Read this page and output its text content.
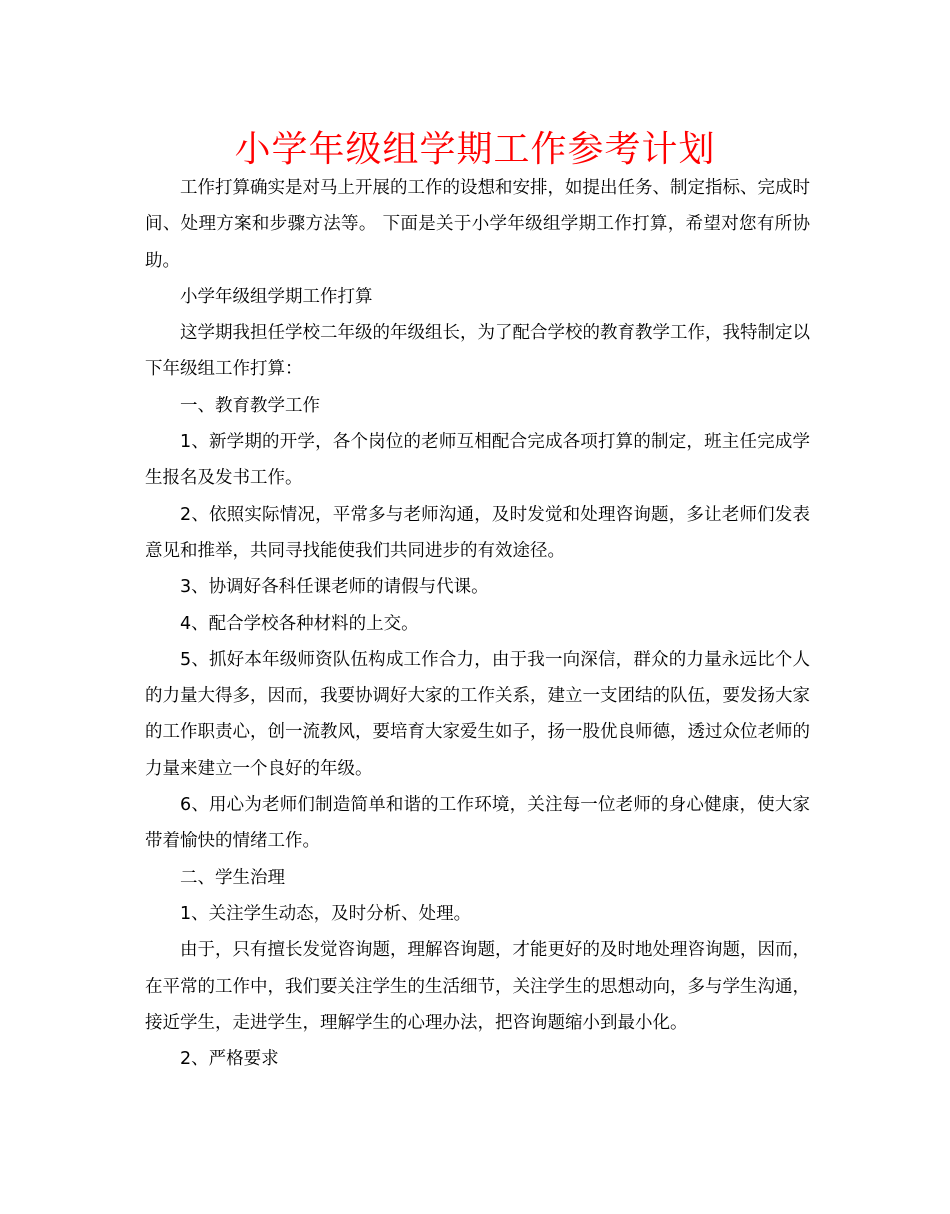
小学年级组学期工作参考计划

工作打算确实是对马上开展的工作的设想和安排，如提出任务、制定指标、完成时间、处理方案和步骤方法等。 下面是关于小学年级组学期工作打算，希望对您有所协助。

小学年级组学期工作打算

这学期我担任学校二年级的年级组长，为了配合学校的教育教学工作，我特制定以下年级组工作打算：

一、教育教学工作

1、新学期的开学，各个岗位的老师互相配合完成各项打算的制定，班主任完成学生报名及发书工作。

2、依照实际情况，平常多与老师沟通，及时发觉和处理咨询题，多让老师们发表意见和推举，共同寻找能使我们共同进步的有效途径。

3、协调好各科任课老师的请假与代课。

4、配合学校各种材料的上交。

5、抓好本年级师资队伍构成工作合力，由于我一向深信，群众的力量永远比个人的力量大得多，因而，我要协调好大家的工作关系，建立一支团结的队伍，要发扬大家的工作职责心，创一流教风，要培育大家爱生如子，扬一股优良师德，透过众位老师的力量来建立一个良好的年级。

6、用心为老师们制造简单和谐的工作环境，关注每一位老师的身心健康，使大家带着愉快的情绪工作。

二、学生治理

1、关注学生动态，及时分析、处理。

由于，只有擅长发觉咨询题，理解咨询题，才能更好的及时地处理咨询题，因而，在平常的工作中，我们要关注学生的生活细节，关注学生的思想动向，多与学生沟通，接近学生，走进学生，理解学生的心理办法，把咨询题缩小到最小化。

2、严格要求
